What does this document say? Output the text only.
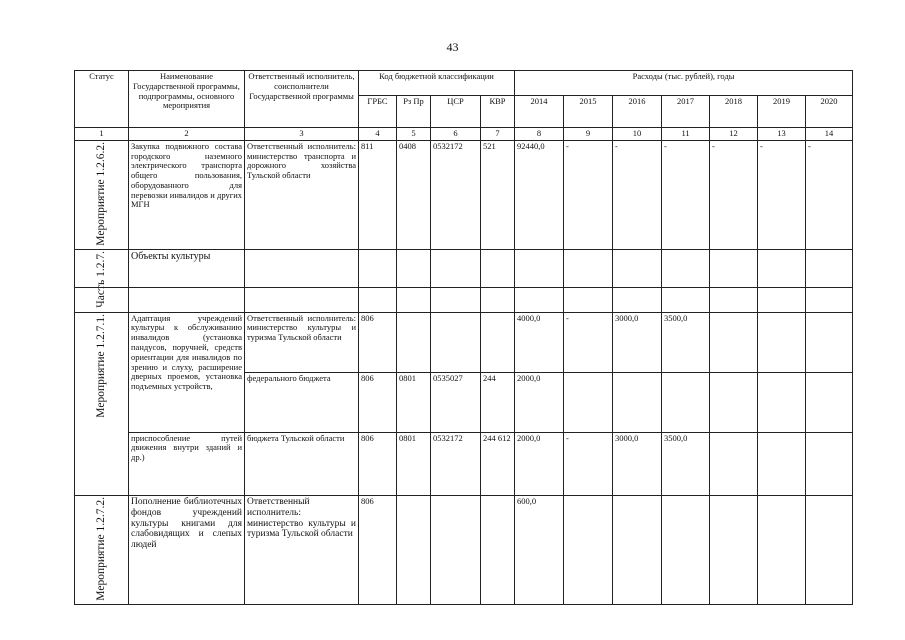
43
Статус	Наименование Государственной программы, подпрограммы, основного мероприятия	Ответственный исполнитель, соисполнители Государственной программы	Код бюджетной классификации				Расходы (тыс. рублей), годы						
			ГРБС	Рз Пр	ЦСР	КВР	2014	2015	2016	2017	2018	2019	2020
1	2	3	4	5	6	7	8	9	10	11	12	13	14
Мероприятие 1.2.6.2.	Закупка подвижного состава городского наземного электрического транспорта общего пользования, оборудованного для перевозки инвалидов и других МГН	Ответственный исполнитель: министерство транспорта и дорожного хозяйства Тульской области	811	0408	0532172	521	92440,0	-	-	-	-	-	-
Часть 1.2.7.	Объекты культуры												
Мероприятие 1.2.7.1.	Адаптация учреждений культуры к обслуживанию инвалидов (установка пандусов, поручней, средств ориентации для инвалидов по зрению и слуху, расширение дверных проемов, установка подъемных устройств,	Ответственный исполнитель: министерство культуры и туризма Тульской области	806				4000,0	-	3000,0	3500,0			
		федерального бюджета	806	0801	0535027	244	2000,0						
	приспособление путей движения внутри зданий и др.)	бюджета Тульской области	806	0801	0532172	244 612	2000,0	-	3000,0	3500,0			
Мероприятие 1.2.7.2.	Пополнение библиотечных фондов учреждений культуры книгами для слабовидящих и слепых людей	Ответственный исполнитель: министерство культуры и туризма Тульской области	806				600,0						
